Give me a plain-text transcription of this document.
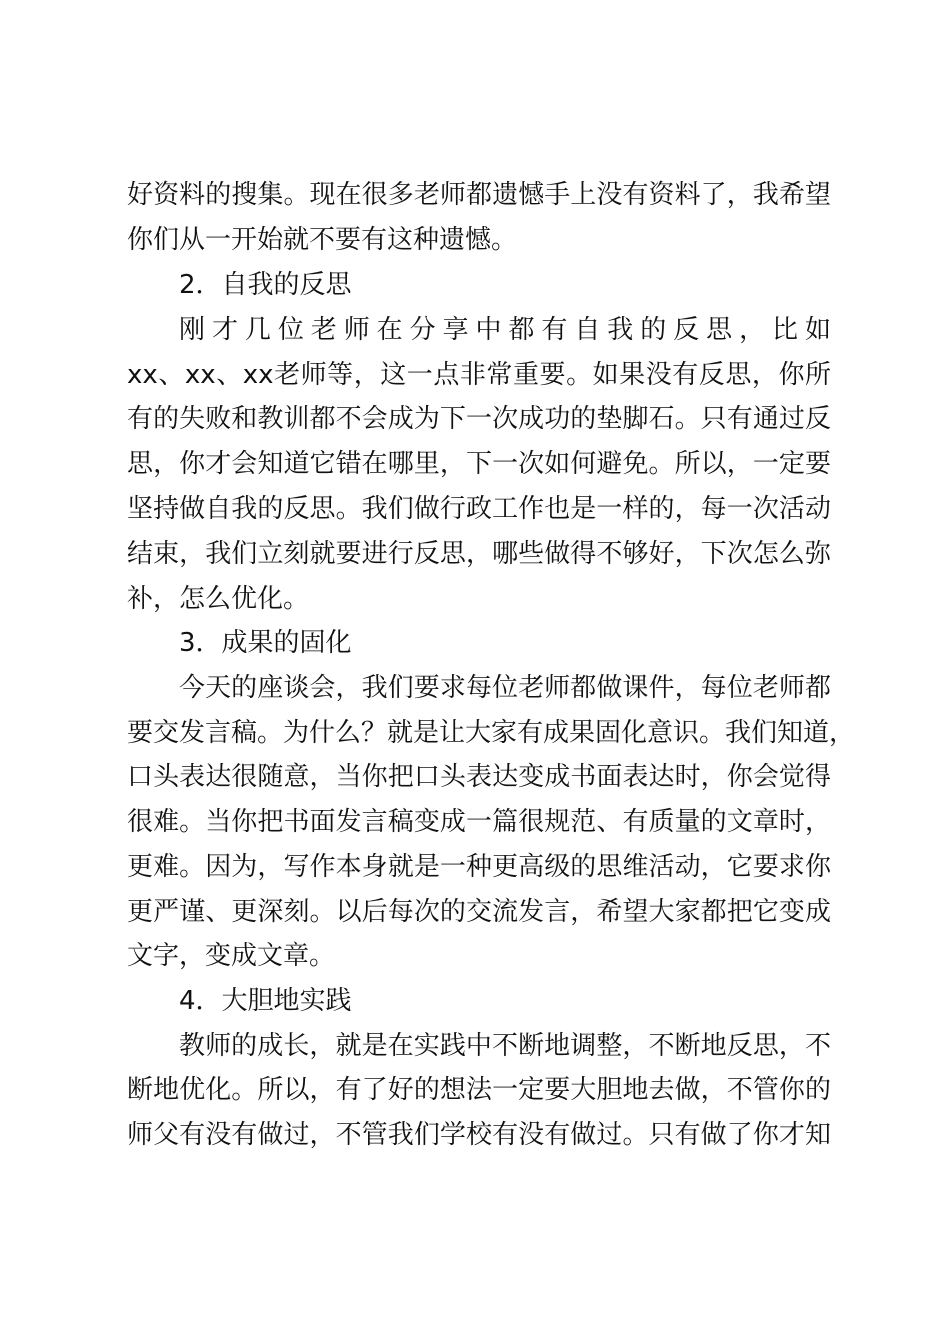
好资料的搜集。现在很多老师都遗憾手上没有资料了，我希望
你们从一开始就不要有这种遗憾。
2．自我的反思
刚才几位老师在分享中都有自我的反思，比如
xx、xx、xx老师等，这一点非常重要。如果没有反思，你所
有的失败和教训都不会成为下一次成功的垫脚石。只有通过反
思，你才会知道它错在哪里，下一次如何避免。所以，一定要
坚持做自我的反思。我们做行政工作也是一样的，每一次活动
结束，我们立刻就要进行反思，哪些做得不够好，下次怎么弥
补，怎么优化。
3．成果的固化
今天的座谈会，我们要求每位老师都做课件，每位老师都
要交发言稿。为什么？就是让大家有成果固化意识。我们知道，
口头表达很随意，当你把口头表达变成书面表达时，你会觉得
很难。当你把书面发言稿变成一篇很规范、有质量的文章时，
更难。因为，写作本身就是一种更高级的思维活动，它要求你
更严谨、更深刻。以后每次的交流发言，希望大家都把它变成
文字，变成文章。
4．大胆地实践
教师的成长，就是在实践中不断地调整，不断地反思，不
断地优化。所以，有了好的想法一定要大胆地去做，不管你的
师父有没有做过，不管我们学校有没有做过。只有做了你才知
